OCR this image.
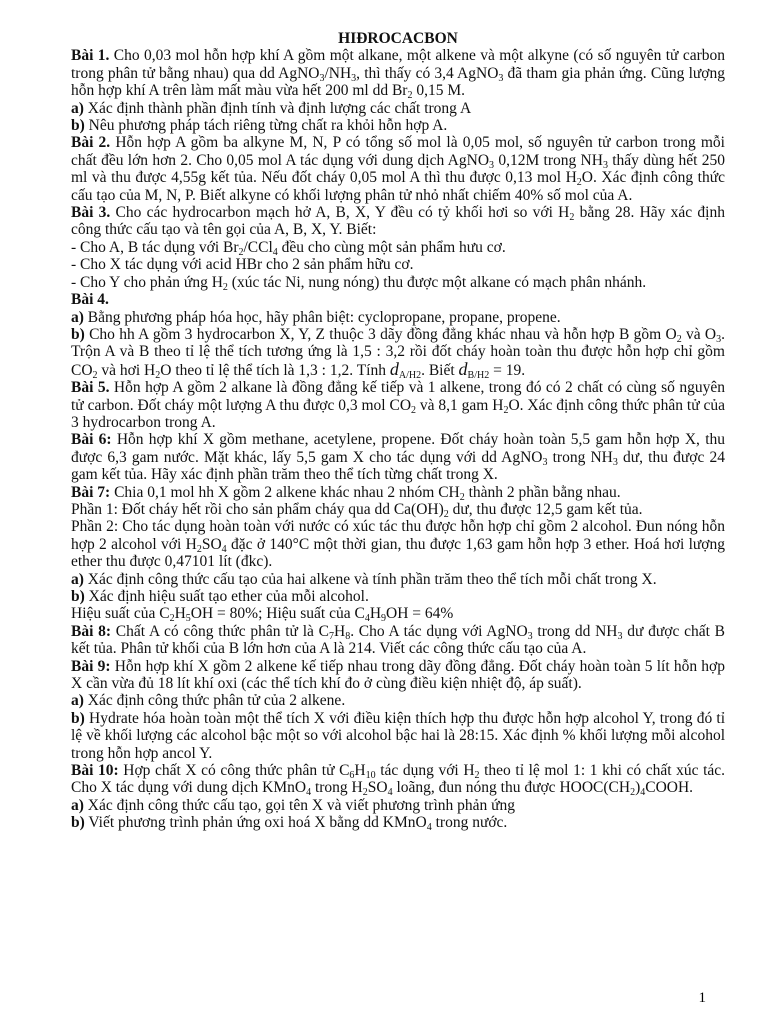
HIĐROCACBON

Bài 1. Cho 0,03 mol hỗn hợp khí A gồm một alkane, một alkene và một alkyne (có số nguyên tử carbon trong phân tử bằng nhau) qua dd $AgNO_3/NH_3$, thì thấy có 3,4 AgNO$_3$ đã tham gia phản ứng. Cũng lượng hỗn hợp khí A trên làm mất màu vừa hết 200 ml dd $Br_2$ 0,15 M.

a) Xác định thành phần định tính và định lượng các chất trong A

b) Nêu phương pháp tách riêng từng chất ra khỏi hỗn hợp A.

Bài 2. Hỗn hợp A gồm ba alkyne M, N, P có tổng số mol là 0,05 mol, số nguyên tử carbon trong mỗi chất đều lớn hơn 2. Cho 0,05 mol A tác dụng với dung dịch AgNO$_3$ 0,12M trong $NH_3$ thấy dùng hết 250 ml và thu được 4,55g kết tủa. Nếu đốt cháy 0,05 mol A thì thu được 0,13 mol $H_2O$. Xác định công thức cấu tạo của M, N, P. Biết alkyne có khối lượng phân tử nhỏ nhất chiếm 40% số mol của A.

Bài 3. Cho các hydrocarbon mạch hở A, B, X, Y đều có tỷ khối hơi so với $H_2$ bằng 28. Hãy xác định công thức cấu tạo và tên gọi của A, B, X, Y. Biết:

- Cho A, B tác dụng với $Br_2/CCl_4$ đều cho cùng một sản phẩm hưu cơ.

- Cho X tác dụng với acid HBr cho 2 sản phẩm hữu cơ.

- Cho Y cho phản ứng $H_2$ (xúc tác Ni, nung nóng) thu được một alkane có mạch phân nhánh.

Bài 4.

a) Bằng phương pháp hóa học, hãy phân biệt: cyclopropane, propane, propene.

b) Cho hh A gồm 3 hydrocarbon X, Y, Z thuộc 3 dãy đồng đẳng khác nhau và hỗn hợp B gồm $O_2$ và $O_3$. Trộn A và B theo tỉ lệ thể tích tương ứng là 1,5 : 3,2 rồi đốt cháy hoàn toàn thu được hỗn hợp chỉ gồm $CO_2$ và hơi $H_2O$ theo tỉ lệ thể tích là 1,3 : 1,2. Tính $d_{A/H2}$. Biết $d_{B/H2} = 19$.

Bài 5. Hỗn hợp A gồm 2 alkane là đồng đẳng kế tiếp và 1 alkene, trong đó có 2 chất có cùng số nguyên tử carbon. Đốt cháy một lượng A thu được 0,3 mol $CO_2$ và 8,1 gam $H_2O$. Xác định công thức phân tử của 3 hydrocarbon trong A.

Bài 6: Hỗn hợp khí X gồm methane, acetylene, propene. Đốt cháy hoàn toàn 5,5 gam hỗn hợp X, thu được 6,3 gam nước. Mặt khác, lấy 5,5 gam X cho tác dụng với dd AgNO$_3$ trong $NH_3$ dư, thu được 24 gam kết tủa. Hãy xác định phần trăm theo thể tích từng chất trong X.

Bài 7: Chia 0,1 mol hh X gồm 2 alkene khác nhau 2 nhóm $CH_2$ thành 2 phần bằng nhau.

Phần 1: Đốt cháy hết rồi cho sản phẩm cháy qua dd $Ca(OH)_2$ dư, thu được 12,5 gam kết tủa.

Phần 2: Cho tác dụng hoàn toàn với nước có xúc tác thu được hỗn hợp chỉ gồm 2 alcohol. Đun nóng hỗn hợp 2 alcohol với $H_2SO_4$ đặc ở 140°C một thời gian, thu được 1,63 gam hỗn hợp 3 ether. Hoá hơi lượng ether thu được 0,47101 lít (đkc).

a) Xác định công thức cấu tạo của hai alkene và tính phần trăm theo thể tích mỗi chất trong X.

b) Xác định hiệu suất tạo ether của mỗi alcohol.

Hiệu suất của $C_2H_5OH = 80\%$; Hiệu suất của $C_4H_9OH = 64\%$

Bài 8: Chất A có công thức phân tử là $C_7H_8$. Cho A tác dụng với AgNO$_3$ trong dd $NH_3$ dư được chất B kết tủa. Phân tử khối của B lớn hơn của A là 214. Viết các công thức cấu tạo của A.

Bài 9: Hỗn hợp khí X gồm 2 alkene kế tiếp nhau trong dãy đồng đẳng. Đốt cháy hoàn toàn 5 lít hỗn hợp X cần vừa đủ 18 lít khí oxi (các thể tích khí đo ở cùng điều kiện nhiệt độ, áp suất).

a) Xác định công thức phân tử của 2 alkene.

b) Hydrate hóa hoàn toàn một thể tích X với điều kiện thích hợp thu được hỗn hợp alcohol Y, trong đó tỉ lệ về khối lượng các alcohol bậc một so với alcohol bậc hai là 28:15. Xác định % khối lượng mỗi alcohol trong hỗn hợp ancol Y.

Bài 10: Hợp chất X có công thức phân tử $C_6H_{10}$ tác dụng với $H_2$ theo tỉ lệ mol 1: 1 khi có chất xúc tác. Cho X tác dụng với dung dịch KMnO$_4$ trong $H_2SO_4$ loãng, đun nóng thu được $HOOC(CH_2)_4COOH$.

a) Xác định công thức cấu tạo, gọi tên X và viết phương trình phản ứng

b) Viết phương trình phản ứng oxi hoá X bằng dd KMnO$_4$ trong nước.

1
